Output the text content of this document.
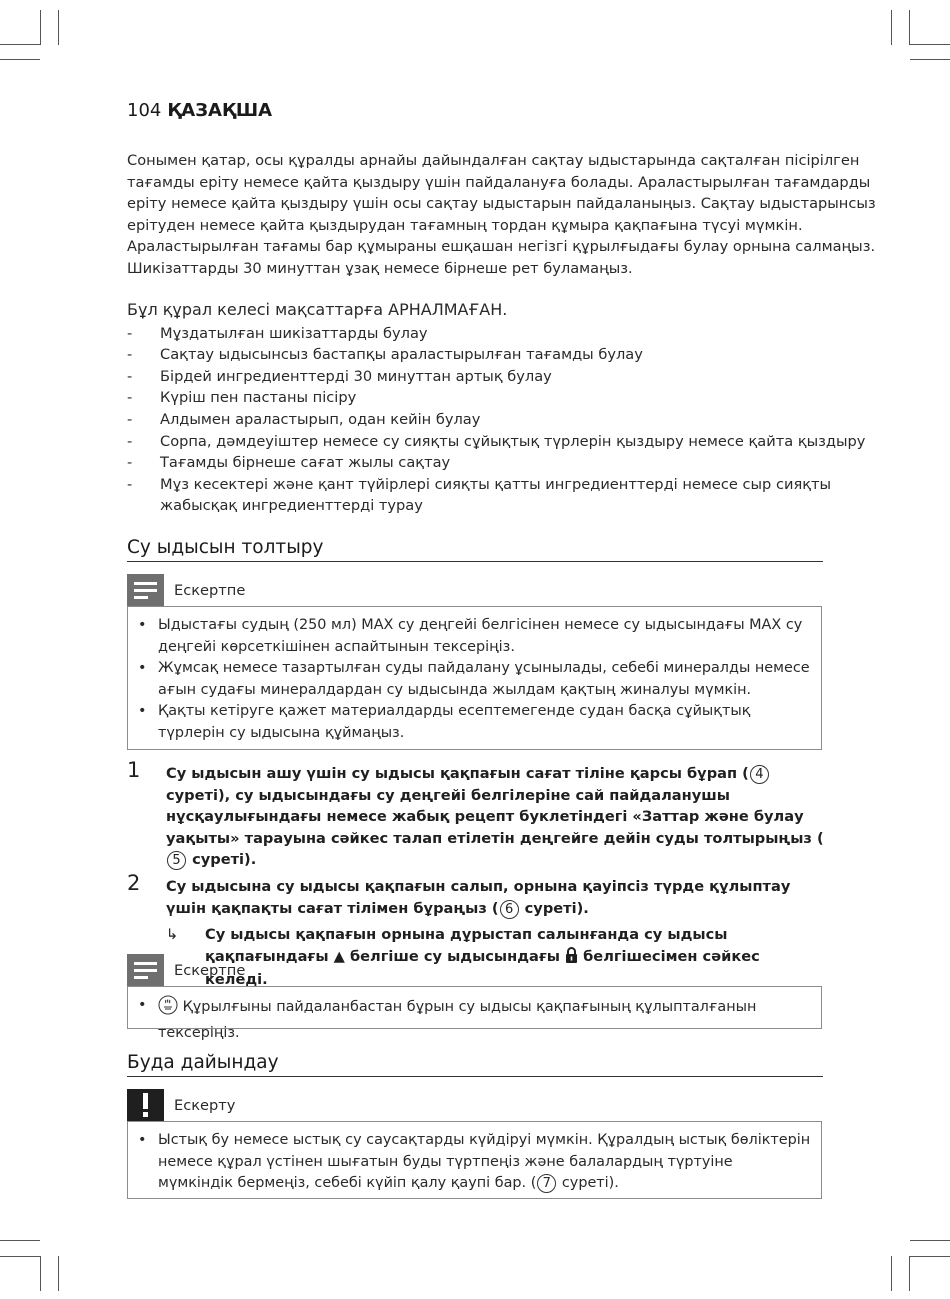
104 ҚАЗАҚША

Сонымен қатар, осы құралды арнайы дайындалған сақтау ыдыстарында сақталған пісірілген

тағамды еріту немесе қайта қыздыру үшін пайдалануға болады. Араластырылған тағамдарды

еріту немесе қайта қыздыру үшін осы сақтау ыдыстарын пайдаланыңыз. Сақтау ыдыстарынсыз

ерітуден немесе қайта қыздырудан тағамның тордан құмыра қақпағына түсуі мүмкін.

Араластырылған тағамы бар құмыраны ешқашан негізгі құрылғыдағы булау орнына салмаңыз.

Шикізаттарды 30 минуттан ұзақ немесе бірнеше рет буламаңыз.

Бұл құрал келесі мақсаттарға АРНАЛМАҒАН.
- Мұздатылған шикізаттарды булау
- Сақтау ыдысынсыз бастапқы араластырылған тағамды булау
- Бірдей ингредиенттерді 30 минуттан артық булау
- Күріш пен пастаны пісіру
- Алдымен араластырып, одан кейін булау
- Сорпа, дәмдеуіштер немесе су сияқты сұйықтық түрлерін қыздыру немесе қайта қыздыру
- Тағамды бірнеше сағат жылы сақтау
- Мұз кесектері және қант түйірлері сияқты қатты ингредиенттерді немесе сыр сияқты
жабысқақ ингредиенттерді турау
Су ыдысын толтыру
Ескертпе
• Ыдыстағы судың (250 мл) MAX су деңгейі белгісінен немесе су ыдысындағы MAX су деңгейі көрсеткішінен аспайтынын тексеріңіз.
• Жұмсақ немесе тазартылған суды пайдалану ұсынылады, себебі минералды немесе ағын судағы минералдардан су ыдысында жылдам қақтың жиналуы мүмкін.
• Қақты кетіруге қажет материалдарды есептемегенде судан басқа сұйықтық түрлерін су ыдысына құймаңыз.
1 Су ыдысын ашу үшін су ыдысы қақпағын сағат тіліне қарсы бұрап ( 4 суреті), су ыдысындағы су деңгейі белгілеріне сай пайдаланушы нұсқаулығындағы немесе жабық рецепт буклетіндегі «Заттар және булау уақыты» тарауына сәйкес талап етілетін деңгейге дейін суды толтырыңыз (5 суреті).
2 Су ыдысына су ыдысы қақпағын салып, орнына қауіпсіз түрде құлыптау үшін қақпақты сағат тілімен бұраңыз ( 6 суреті).
↳ Су ыдысы қақпағын орнына дұрыстап салынғанда су ыдысы қақпағындағы ▲ белгіше су ыдысындағы  белгішесімен сәйкес келеді.
Ескертпе
• Құрылғыны пайдаланбастан бұрын су ыдысы қақпағының құлыпталғанын тексеріңіз.
Буда дайындау
Ескерту
• Ыстық бу немесе ыстық су саусақтарды күйдіруі мүмкін. Құралдың ыстық бөліктерін немесе құрал үстінен шығатын буды түртпеңіз және балалардың түртуіне мүмкіндік бермеңіз, себебі күйіп қалу қаупі бар. ( 7 суреті).
